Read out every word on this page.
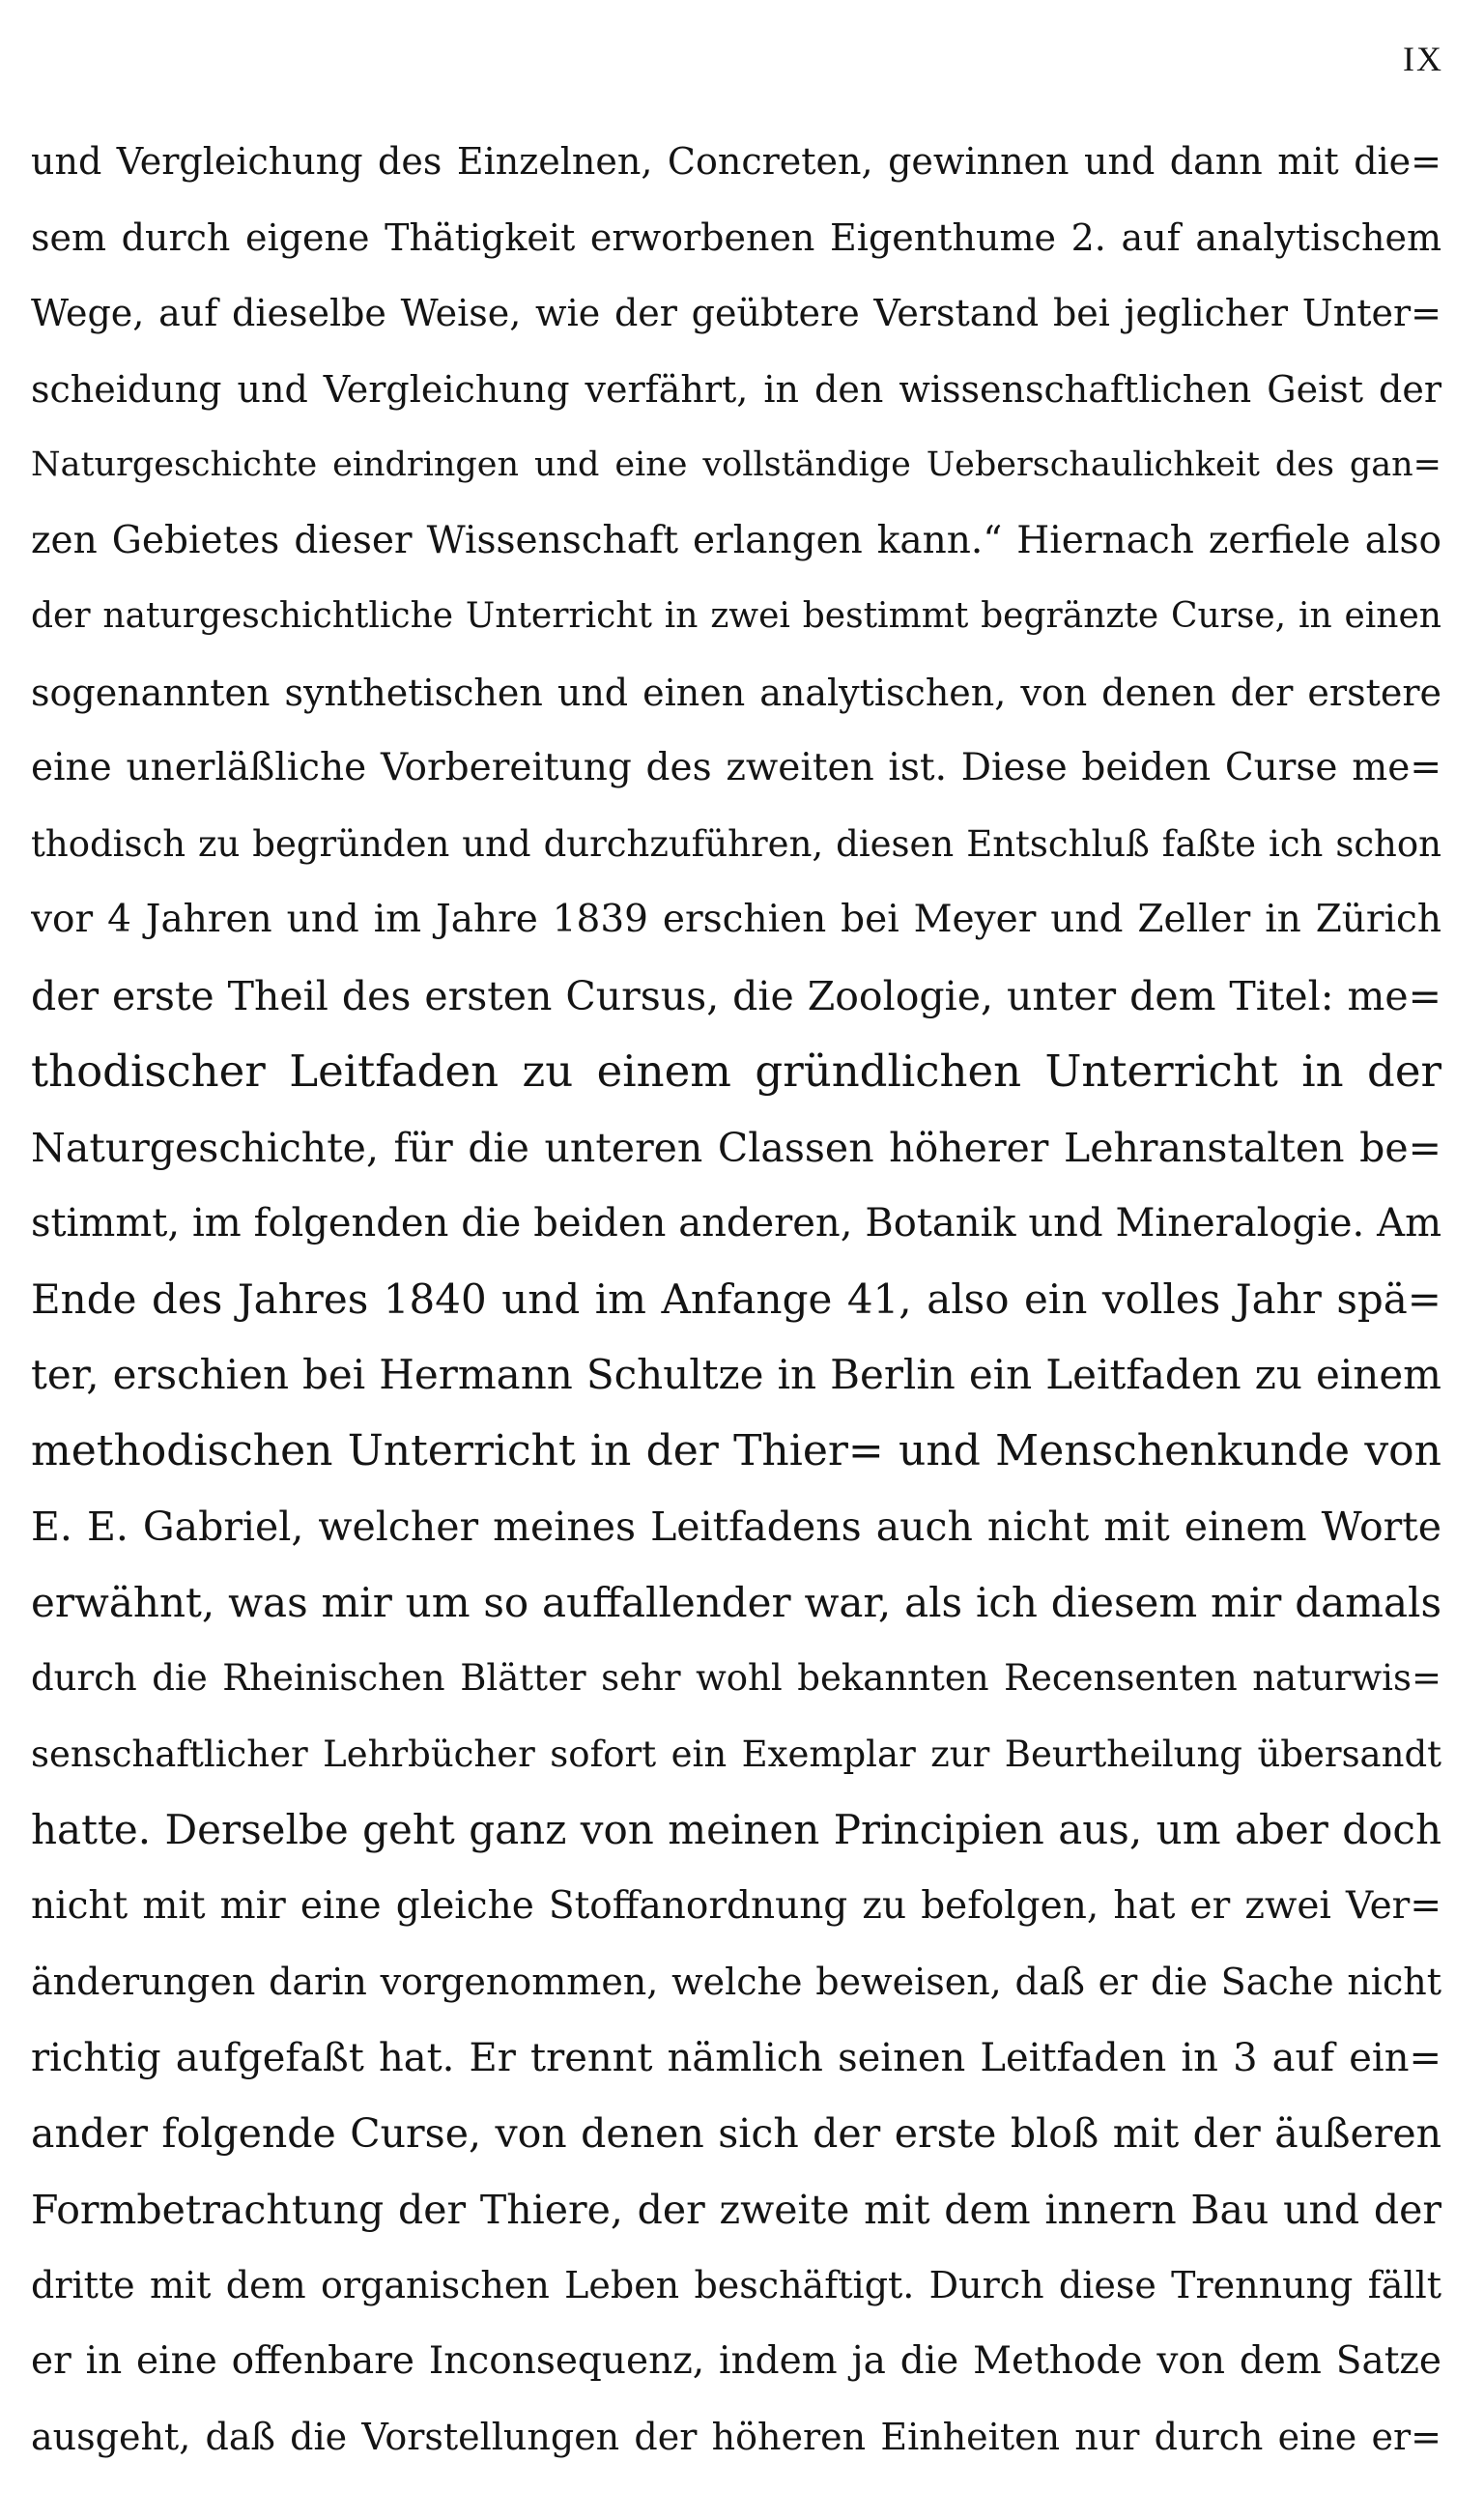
IX
und Vergleichung des Einzelnen, Concreten, gewinnen und dann mit die=
sem durch eigene Thätigkeit erworbenen Eigenthume 2. auf analytischem
Wege, auf dieselbe Weise, wie der geübtere Verstand bei jeglicher Unter=
scheidung und Vergleichung verfährt, in den wissenschaftlichen Geist der
Naturgeschichte eindringen und eine vollständige Ueberschaulichkeit des gan=
zen Gebietes dieser Wissenschaft erlangen kann.“ Hiernach zerfiele also
der naturgeschichtliche Unterricht in zwei bestimmt begränzte Curse, in einen
sogenannten synthetischen und einen analytischen, von denen der erstere
eine unerläßliche Vorbereitung des zweiten ist. Diese beiden Curse me=
thodisch zu begründen und durchzuführen, diesen Entschluß faßte ich schon
vor 4 Jahren und im Jahre 1839 erschien bei Meyer und Zeller in Zürich
der erste Theil des ersten Cursus, die Zoologie, unter dem Titel: me=
thodischer Leitfaden zu einem gründlichen Unterricht in der
Naturgeschichte, für die unteren Classen höherer Lehranstalten be=
stimmt, im folgenden die beiden anderen, Botanik und Mineralogie. Am
Ende des Jahres 1840 und im Anfange 41, also ein volles Jahr spä=
ter, erschien bei Hermann Schultze in Berlin ein Leitfaden zu einem
methodischen Unterricht in der Thier= und Menschenkunde von
E. E. Gabriel, welcher meines Leitfadens auch nicht mit einem Worte
erwähnt, was mir um so auffallender war, als ich diesem mir damals
durch die Rheinischen Blätter sehr wohl bekannten Recensenten naturwis=
senschaftlicher Lehrbücher sofort ein Exemplar zur Beurtheilung übersandt
hatte. Derselbe geht ganz von meinen Principien aus, um aber doch
nicht mit mir eine gleiche Stoffanordnung zu befolgen, hat er zwei Ver=
änderungen darin vorgenommen, welche beweisen, daß er die Sache nicht
richtig aufgefaßt hat. Er trennt nämlich seinen Leitfaden in 3 auf ein=
ander folgende Curse, von denen sich der erste bloß mit der äußeren
Formbetrachtung der Thiere, der zweite mit dem innern Bau und der
dritte mit dem organischen Leben beschäftigt. Durch diese Trennung fällt
er in eine offenbare Inconsequenz, indem ja die Methode von dem Satze
ausgeht, daß die Vorstellungen der höheren Einheiten nur durch eine er=
